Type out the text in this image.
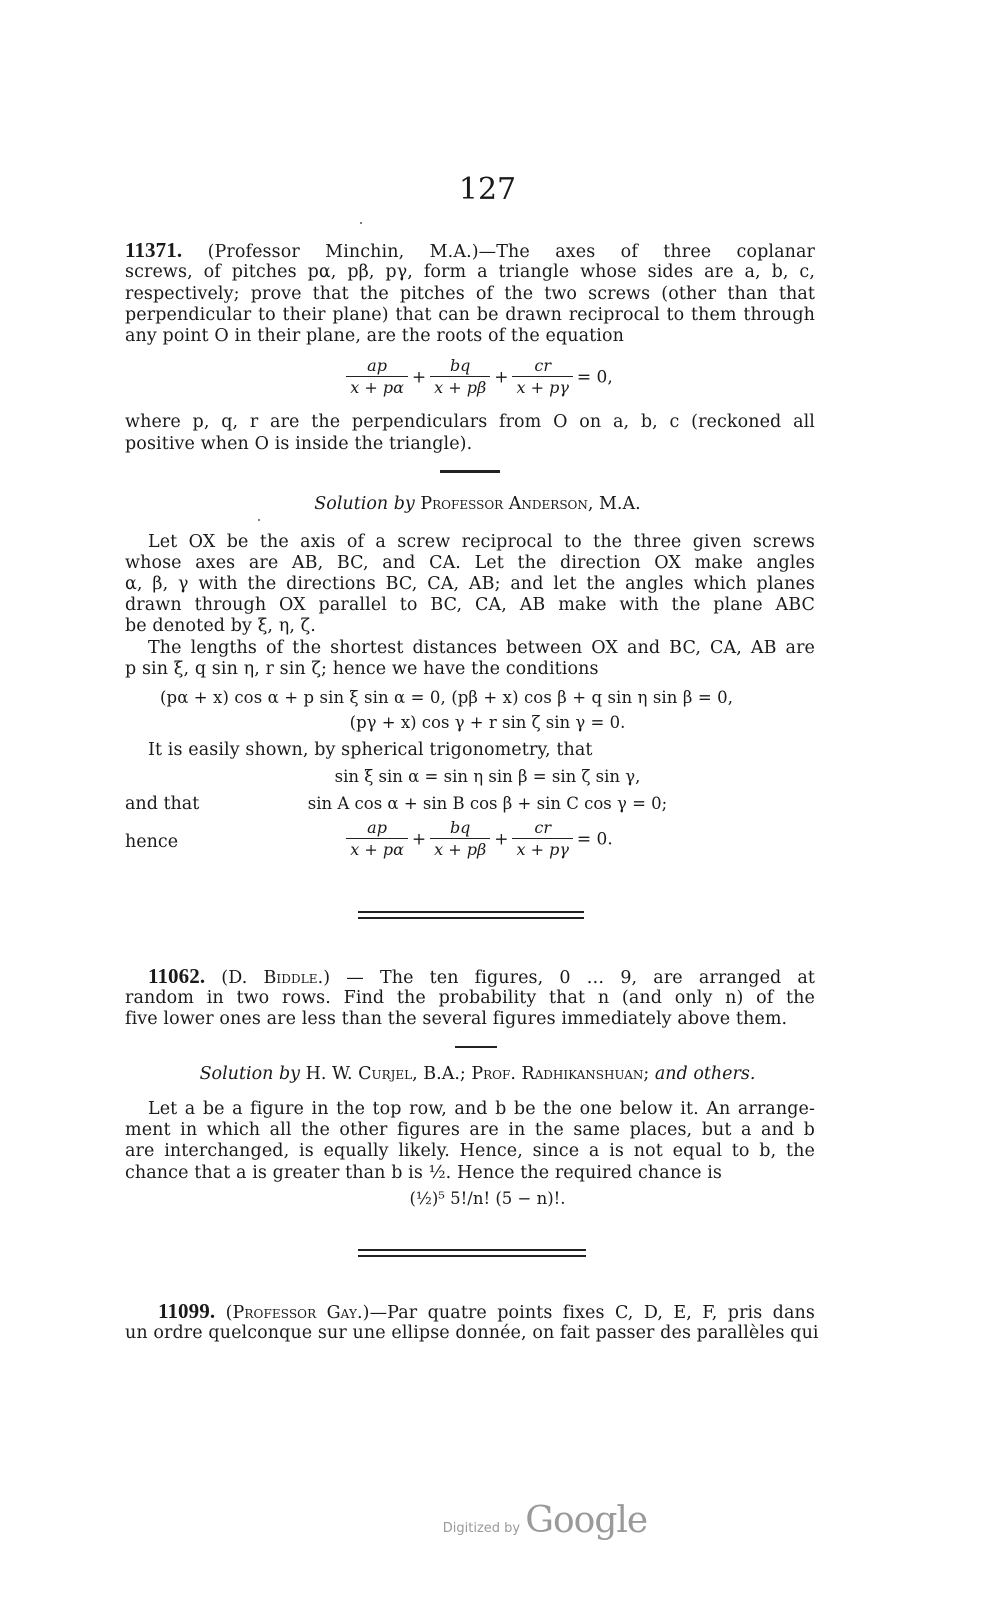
127
11371. (Professor Minchin, M.A.)—The axes of three coplanar
screws, of pitches pα, pβ, pγ, form a triangle whose sides are a, b, c,
respectively; prove that the pitches of the two screws (other than that
perpendicular to their plane) that can be drawn reciprocal to them through
any point O in their plane, are the roots of the equation
$\frac{ap}{x + p\alpha} + \frac{bq}{x + p\beta} + \frac{cr}{x + p\gamma} = 0$,
where p, q, r are the perpendiculars from O on a, b, c (reckoned all
positive when O is inside the triangle).
Solution by Professor Anderson, M.A.
Let OX be the axis of a screw reciprocal to the three given screws
whose axes are AB, BC, and CA. Let the direction OX make angles
α, β, γ with the directions BC, CA, AB; and let the angles which planes
drawn through OX parallel to BC, CA, AB make with the plane ABC
be denoted by ξ, η, ζ.
The lengths of the shortest distances between OX and BC, CA, AB are
p sin ξ, q sin η, r sin ζ; hence we have the conditions
(pα + x) cos α + p sin ξ sin α = 0, (pβ + x) cos β + q sin η sin β = 0,
(pγ + x) cos γ + r sin ζ sin γ = 0.
It is easily shown, by spherical trigonometry, that
sin ξ sin α = sin η sin β = sin ζ sin γ,
and that	sin A cos α + sin B cos β + sin C cos γ = 0;
hence	$\frac{ap}{x + p\alpha} + \frac{bq}{x + p\beta} + \frac{cr}{x + p\gamma} = 0$.
11062. (D. Biddle.) — The ten figures, 0 … 9, are arranged at
random in two rows. Find the probability that n (and only n) of the
five lower ones are less than the several figures immediately above them.
Solution by H. W. Curjel, B.A.; Prof. Radhikanshuan; and others.
Let a be a figure in the top row, and b be the one below it. An arrange-
ment in which all the other figures are in the same places, but a and b
are interchanged, is equally likely. Hence, since a is not equal to b, the
chance that a is greater than b is ½. Hence the required chance is
(½)⁵ 5!/n! (5 − n)!.
11099. (Professor Gay.)—Par quatre points fixes C, D, E, F, pris dans
un ordre quelconque sur une ellipse donnée, on fait passer des parallèles qui
Digitized by Google
